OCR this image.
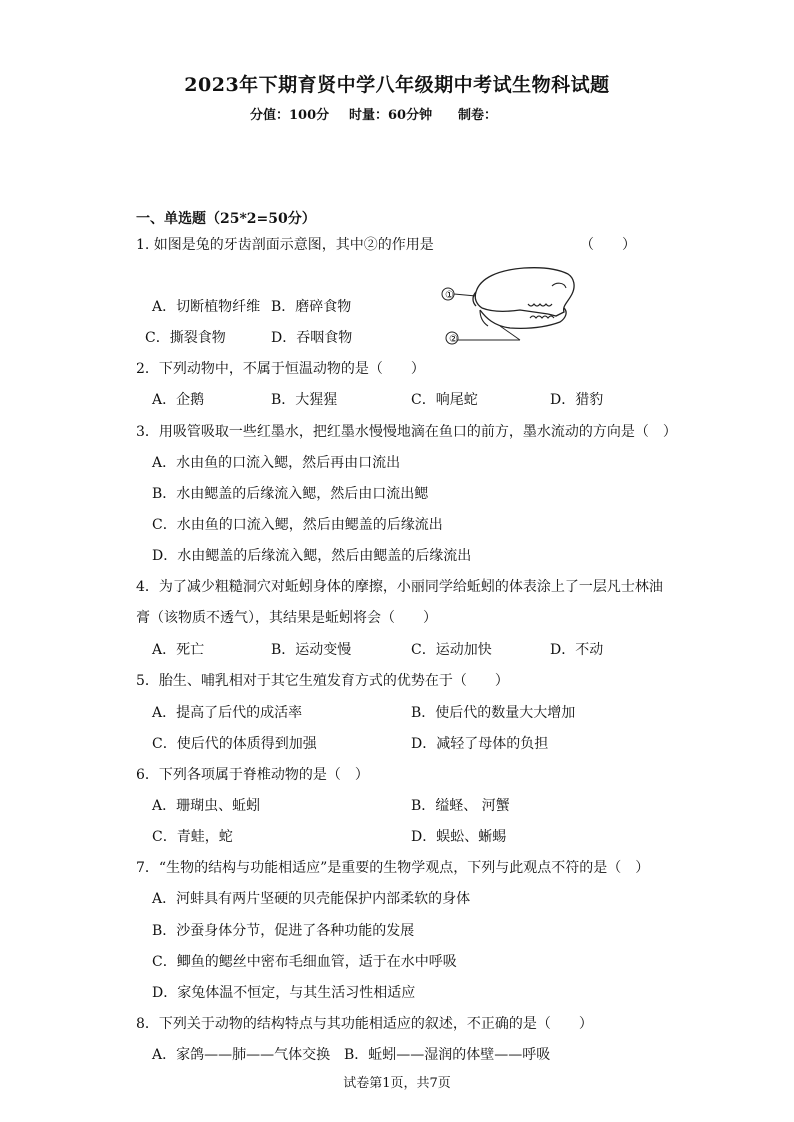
2023年下期育贤中学八年级期中考试生物科试题
分值：100分 时量：60分钟 制卷：
一、单选题（25*2=50分）
1. 如图是兔的牙齿剖面示意图，其中②的作用是	（　　）
A．切断植物纤维 B．磨碎食物
C．撕裂食物	D．吞咽食物
①
②
2．下列动物中，不属于恒温动物的是（　　）
A．企鹅	B．大猩猩	C．响尾蛇	D．猎豹
3．用吸管吸取一些红墨水，把红墨水慢慢地滴在鱼口的前方，墨水流动的方向是（　）
A．水由鱼的口流入鳃，然后再由口流出
B．水由鳃盖的后缘流入鳃，然后由口流出鳃
C．水由鱼的口流入鳃，然后由鳃盖的后缘流出
D．水由鳃盖的后缘流入鳃，然后由鳃盖的后缘流出
4．为了减少粗糙洞穴对蚯蚓身体的摩擦，小丽同学给蚯蚓的体表涂上了一层凡士林油
膏（该物质不透气），其结果是蚯蚓将会（　　）
A．死亡	B．运动变慢	C．运动加快	D．不动
5．胎生、哺乳相对于其它生殖发育方式的优势在于（　　）
A．提高了后代的成活率	B．使后代的数量大大增加
C．使后代的体质得到加强	D．减轻了母体的负担
6．下列各项属于脊椎动物的是（　）
A．珊瑚虫、蚯蚓	B．缢蛏、 河蟹
C．青蛙，蛇	D．蜈蚣、蜥蜴
7．“生物的结构与功能相适应”是重要的生物学观点，下列与此观点不符的是（　）
A．河蚌具有两片坚硬的贝壳能保护内部柔软的身体
B．沙蚕身体分节，促进了各种功能的发展
C．鲫鱼的鳃丝中密布毛细血管，适于在水中呼吸
D．家兔体温不恒定，与其生活习性相适应
8．下列关于动物的结构特点与其功能相适应的叙述，不正确的是（　　）
A．家鸽——肺——气体交换 B．蚯蚓——湿润的体壁——呼吸
试卷第1页，共7页
